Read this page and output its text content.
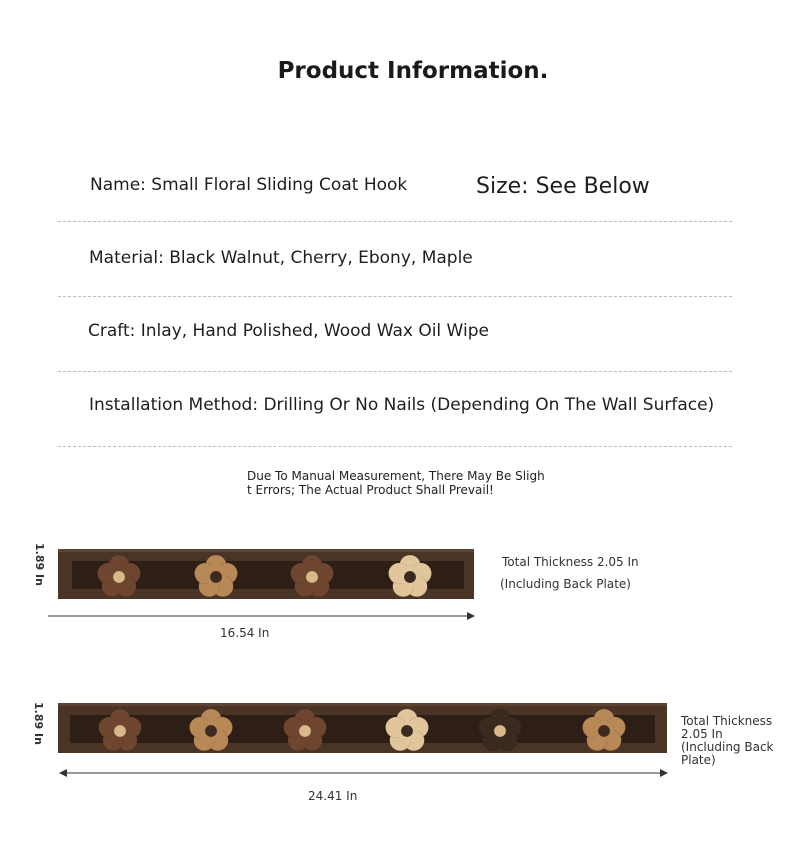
Product Information.
Name: Small Floral Sliding Coat Hook	Size: See Below
Material: Black Walnut, Cherry, Ebony, Maple
Craft: Inlay, Hand Polished, Wood Wax Oil Wipe
Installation Method: Drilling Or No Nails (Depending On The Wall Surface)
Due To Manual Measurement, There May Be Slight Errors; The Actual Product Shall Prevail!
1.89 In
16.54 In
Total Thickness 2.05 In
(Including Back Plate)
1.89 In
24.41 In
Total Thickness 2.05 In (Including Back Plate)
